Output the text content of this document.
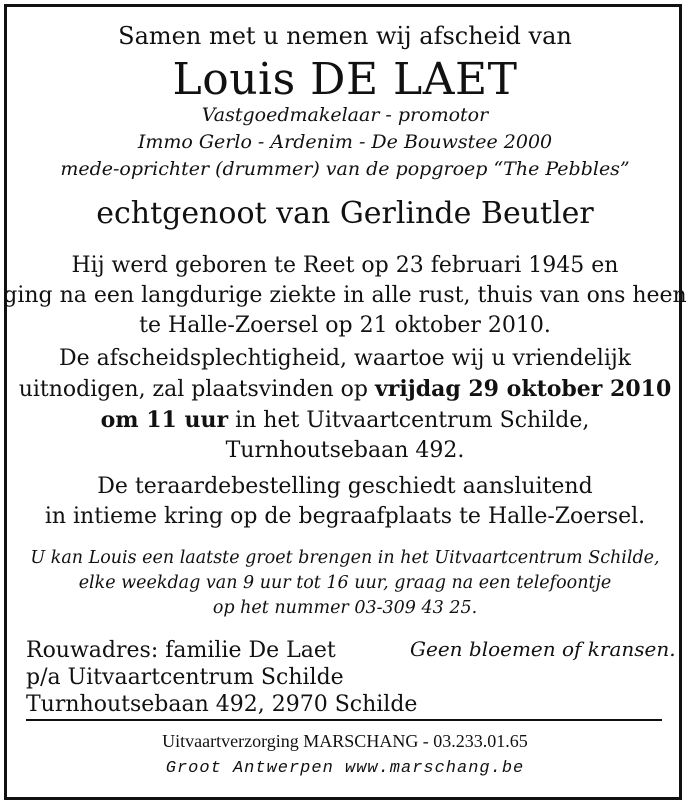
Samen met u nemen wij afscheid van
Louis DE LAET
Vastgoedmakelaar - promotor
Immo Gerlo - Ardenim - De Bouwstee 2000
mede-oprichter (drummer) van de popgroep “The Pebbles”
echtgenoot van Gerlinde Beutler
Hij werd geboren te Reet op 23 februari 1945 en
ging na een langdurige ziekte in alle rust, thuis van ons heen
te Halle-Zoersel op 21 oktober 2010.
De afscheidsplechtigheid, waartoe wij u vriendelijk
uitnodigen, zal plaatsvinden op vrijdag 29 oktober 2010
om 11 uur in het Uitvaartcentrum Schilde,
Turnhoutsebaan 492.
De teraardebestelling geschiedt aansluitend
in intieme kring op de begraafplaats te Halle-Zoersel.
U kan Louis een laatste groet brengen in het Uitvaartcentrum Schilde,
elke weekdag van 9 uur tot 16 uur, graag na een telefoontje
op het nummer 03-309 43 25.
Rouwadres: familie De Laet
p/a Uitvaartcentrum Schilde
Turnhoutsebaan 492, 2970 Schilde
Geen bloemen of kransen.
Uitvaartverzorging MARSCHANG - 03.233.01.65
Groot Antwerpen www.marschang.be
